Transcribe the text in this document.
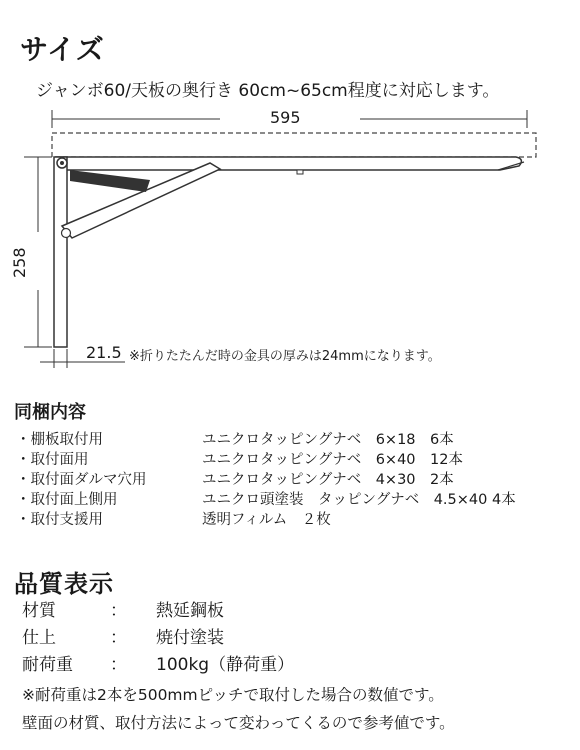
サイズ
ジャンボ60/天板の奥行き 60cm~65cm程度に対応します。
595
258
21.5 ※折りたたんだ時の金具の厚みは24mmになります。
同梱内容
・棚板取付用	ユニクロタッピングナベ　6×18　6本
・取付面用	ユニクロタッピングナベ　6×40　12本
・取付面ダルマ穴用	ユニクロタッピングナベ　4×30　2本
・取付面上側用	ユニクロ頭塗装　タッピングナベ　4.5×40 4本
・取付支援用	透明フィルム　２枚
品質表示
材質	： 熱延鋼板
仕上	： 焼付塗装
耐荷重 ： 100kg（静荷重）
※耐荷重は2本を500mmピッチで取付した場合の数値です。
壁面の材質、取付方法によって変わってくるので参考値です。
